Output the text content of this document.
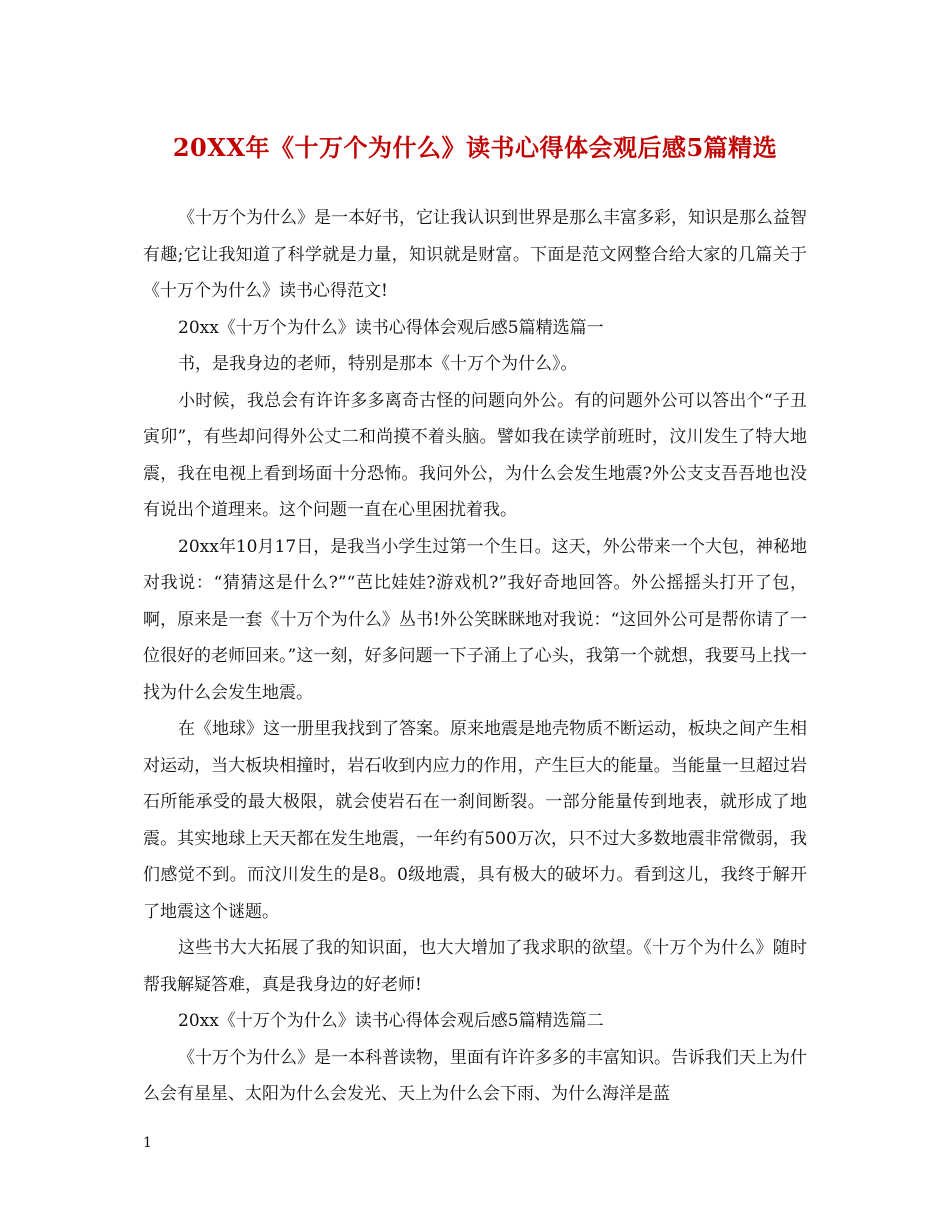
20XX年《十万个为什么》读书心得体会观后感5篇精选

《十万个为什么》是一本好书，它让我认识到世界是那么丰富多彩，知识是那么益智有趣;它让我知道了科学就是力量，知识就是财富。下面是范文网整合给大家的几篇关于《十万个为什么》读书心得范文!

20xx《十万个为什么》读书心得体会观后感5篇精选篇一

书，是我身边的老师，特别是那本《十万个为什么》。

小时候，我总会有许许多多离奇古怪的问题向外公。有的问题外公可以答出个“子丑寅卯”，有些却问得外公丈二和尚摸不着头脑。譬如我在读学前班时，汶川发生了特大地震，我在电视上看到场面十分恐怖。我问外公，为什么会发生地震?外公支支吾吾地也没有说出个道理来。这个问题一直在心里困扰着我。

20xx年10月17日，是我当小学生过第一个生日。这天，外公带来一个大包，神秘地对我说：“猜猜这是什么?”“芭比娃娃?游戏机?”我好奇地回答。外公摇摇头打开了包，啊，原来是一套《十万个为什么》丛书!外公笑眯眯地对我说：“这回外公可是帮你请了一位很好的老师回来。”这一刻，好多问题一下子涌上了心头，我第一个就想，我要马上找一找为什么会发生地震。

在《地球》这一册里我找到了答案。原来地震是地壳物质不断运动，板块之间产生相对运动，当大板块相撞时，岩石收到内应力的作用，产生巨大的能量。当能量一旦超过岩石所能承受的最大极限，就会使岩石在一刹间断裂。一部分能量传到地表，就形成了地震。其实地球上天天都在发生地震，一年约有500万次，只不过大多数地震非常微弱，我们感觉不到。而汶川发生的是8。0级地震，具有极大的破坏力。看到这儿，我终于解开了地震这个谜题。

这些书大大拓展了我的知识面，也大大增加了我求职的欲望。《十万个为什么》随时帮我解疑答难，真是我身边的好老师!

20xx《十万个为什么》读书心得体会观后感5篇精选篇二

《十万个为什么》是一本科普读物，里面有许许多多的丰富知识。告诉我们天上为什么会有星星、太阳为什么会发光、天上为什么会下雨、为什么海洋是蓝

1
